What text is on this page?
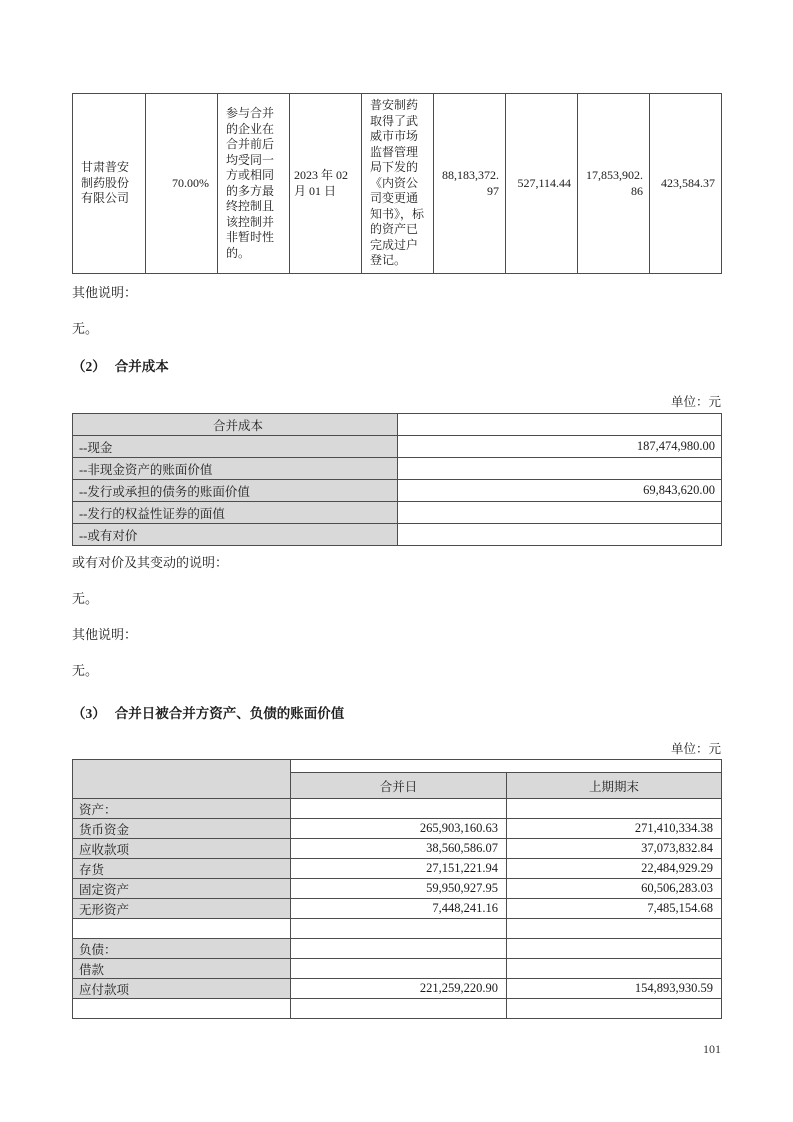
甘肃普安制药股份有限公司	70.00%	参与合并的企业在合并前后均受同一方或相同的多方最终控制且该控制并非暂时性的。	2023 年 02 月 01 日	普安制药取得了武威市市场监督管理局下发的《内资公司变更通知书》，标的资产已完成过户登记。	88,183,372.97	527,114.44	17,853,902.86	423,584.37

其他说明：

无。

（2） 合并成本
单位：元
合并成本	
--现金	187,474,980.00
--非现金资产的账面价值	
--发行或承担的债务的账面价值	69,843,620.00
--发行的权益性证券的面值	
--或有对价	

或有对价及其变动的说明：

无。

其他说明：

无。

（3） 合并日被合并方资产、负债的账面价值
单位：元

	合并日	上期期末
资产：		
货币资金	265,903,160.63	271,410,334.38
应收款项	38,560,586.07	37,073,832.84
存货	27,151,221.94	22,484,929.29
固定资产	59,950,927.95	60,506,283.03
无形资产	7,448,241.16	7,485,154.68

负债：		
借款		
应付款项	221,259,220.90	154,893,930.59

101
